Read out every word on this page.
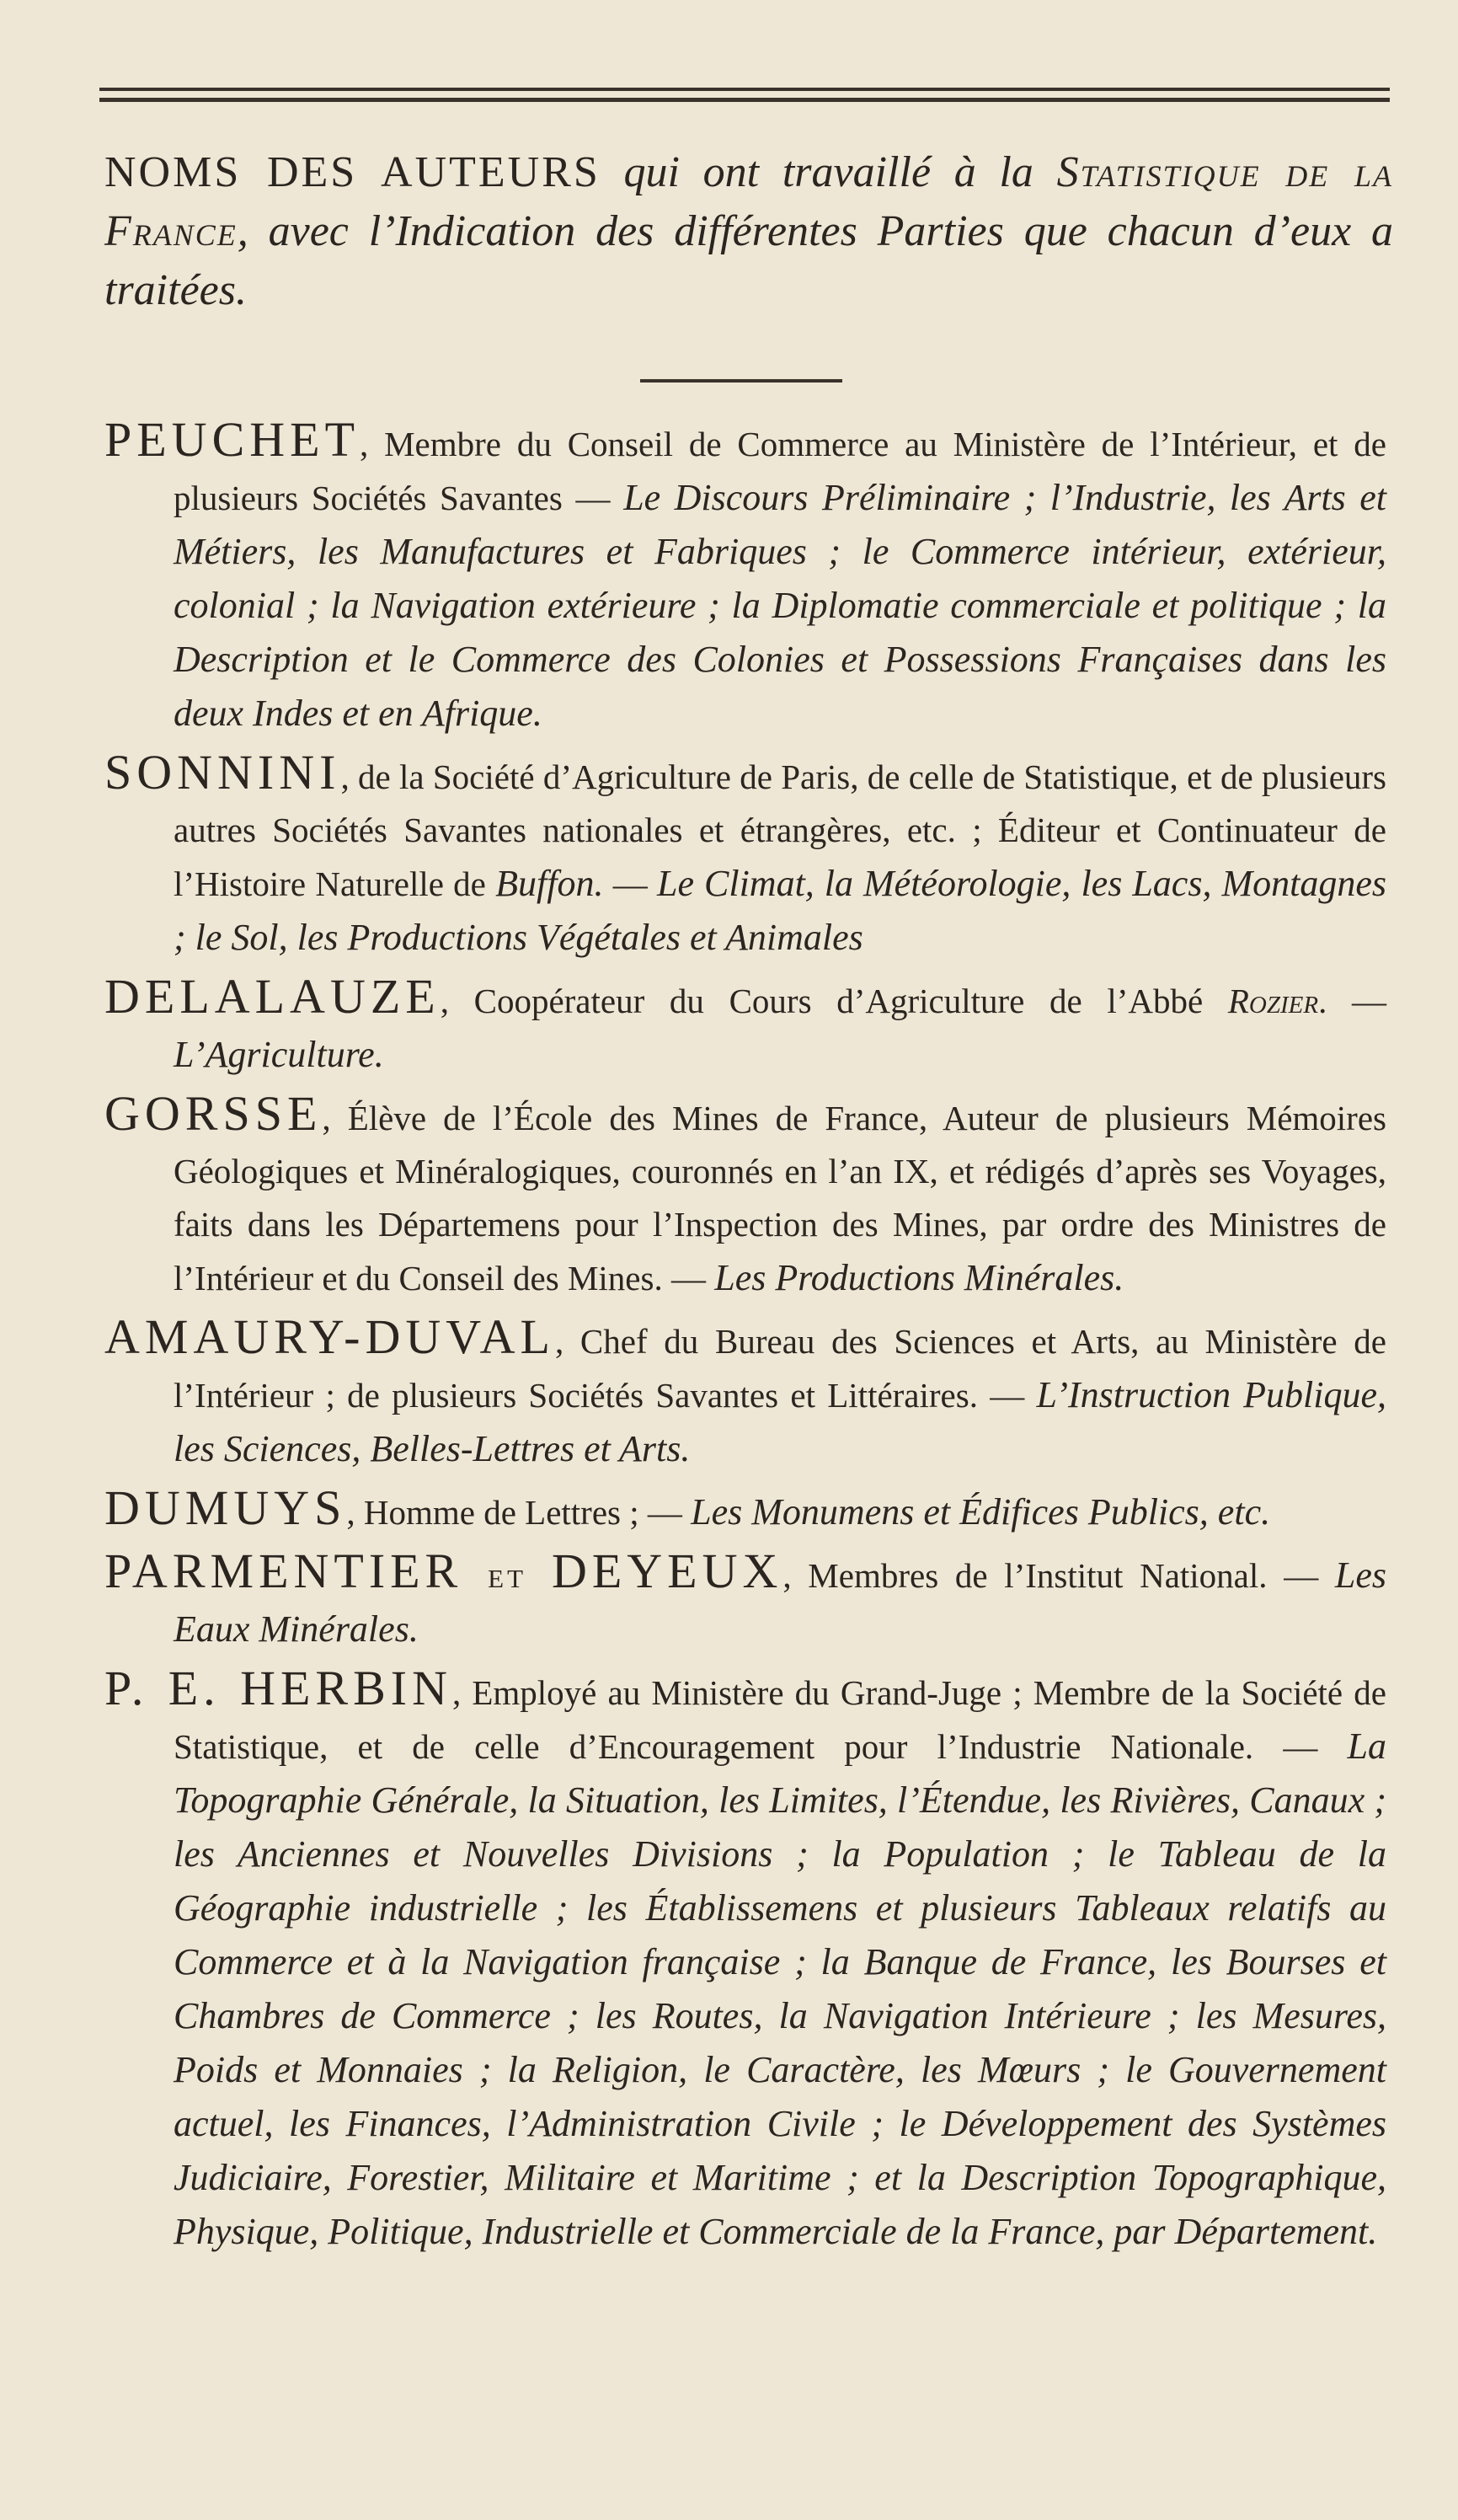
NOMS DES AUTEURS qui ont travaillé à la Statistique de la France, avec l’Indication des différentes Parties que chacun d’eux a traitées.

PEUCHET, Membre du Conseil de Commerce au Ministère de l’Intérieur, et de plusieurs Sociétés Savantes — Le Discours Préliminaire ; l’Industrie, les Arts et Métiers, les Manufactures et Fabriques ; le Commerce intérieur, extérieur, colonial ; la Navigation extérieure ; la Diplomatie commerciale et politique ; la Description et le Commerce des Colonies et Possessions Françaises dans les deux Indes et en Afrique.

SONNINI, de la Société d’Agriculture de Paris, de celle de Statistique, et de plusieurs autres Sociétés Savantes nationales et étrangères, etc. ; Éditeur et Continuateur de l’Histoire Naturelle de Buffon. — Le Climat, la Météorologie, les Lacs, Montagnes ; le Sol, les Productions Végétales et Animales

DELALAUZE, Coopérateur du Cours d’Agriculture de l’Abbé Rozier. — L’Agriculture.

GORSSE, Élève de l’École des Mines de France, Auteur de plusieurs Mémoires Géologiques et Minéralogiques, couronnés en l’an IX, et rédigés d’après ses Voyages, faits dans les Départemens pour l’Inspection des Mines, par ordre des Ministres de l’Intérieur et du Conseil des Mines. — Les Productions Minérales.

AMAURY-DUVAL, Chef du Bureau des Sciences et Arts, au Ministère de l’Intérieur ; de plusieurs Sociétés Savantes et Littéraires. — L’Instruction Publique, les Sciences, Belles-Lettres et Arts.

DUMUYS, Homme de Lettres ; — Les Monumens et Édifices Publics, etc.

PARMENTIER et DEYEUX, Membres de l’Institut National. — Les Eaux Minérales.

P. E. HERBIN, Employé au Ministère du Grand-Juge ; Membre de la Société de Statistique, et de celle d’Encouragement pour l’Industrie Nationale. — La Topographie Générale, la Situation, les Limites, l’Étendue, les Rivières, Canaux ; les Anciennes et Nouvelles Divisions ; la Population ; le Tableau de la Géographie industrielle ; les Établissemens et plusieurs Tableaux relatifs au Commerce et à la Navigation française ; la Banque de France, les Bourses et Chambres de Commerce ; les Routes, la Navigation Intérieure ; les Mesures, Poids et Monnaies ; la Religion, le Caractère, les Mœurs ; le Gouvernement actuel, les Finances, l’Administration Civile ; le Développement des Systèmes Judiciaire, Forestier, Militaire et Maritime ; et la Description Topographique, Physique, Politique, Industrielle et Commerciale de la France, par Département.
